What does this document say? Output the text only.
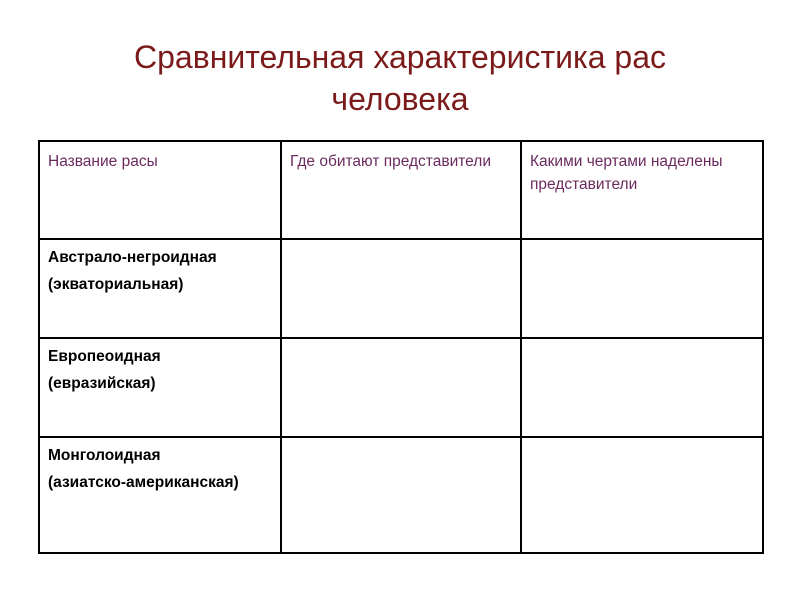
Сравнительная характеристика рас
человека
Название расы	Где обитают представители	Какими чертами наделены представители

Австрало-негроидная
(экваториальная)		

Европеоидная
(евразийская)		

Монголоидная
(азиатско-американская)		
